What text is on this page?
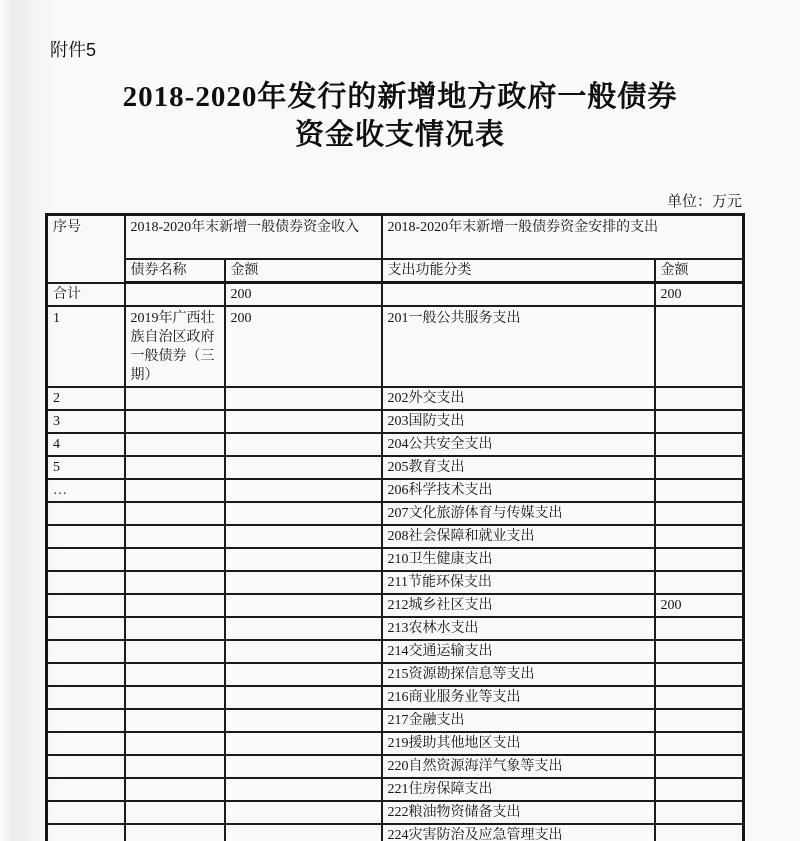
附件5
2018-2020年发行的新增地方政府一般债券
资金收支情况表
单位：万元
序号	2018-2020年末新增一般债券资金收入		2018-2020年末新增一般债券资金安排的支出	
	债券名称	金额	支出功能分类	金额
合计		200		200
1	2019年广西壮族自治区政府一般债券（三期）	200	201一般公共服务支出	
2			202外交支出	
3			203国防支出	
4			204公共安全支出	
5			205教育支出	
…			206科学技术支出	
			207文化旅游体育与传媒支出	
			208社会保障和就业支出	
			210卫生健康支出	
			211节能环保支出	
			212城乡社区支出	200
			213农林水支出	
			214交通运输支出	
			215资源勘探信息等支出	
			216商业服务业等支出	
			217金融支出	
			219援助其他地区支出	
			220自然资源海洋气象等支出	
			221住房保障支出	
			222粮油物资储备支出	
			224灾害防治及应急管理支出	
